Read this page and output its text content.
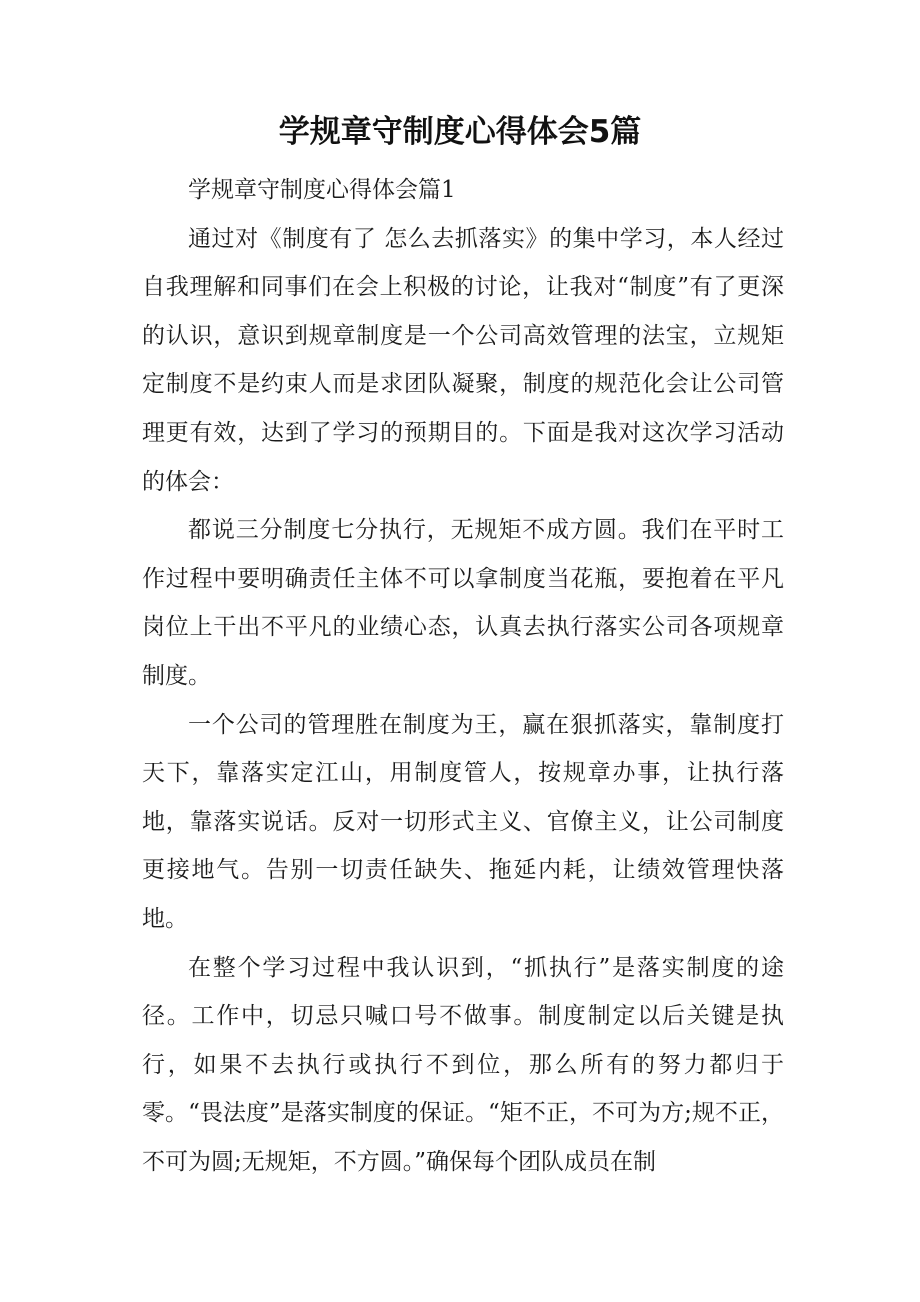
学规章守制度心得体会5篇

学规章守制度心得体会篇1

通过对《制度有了 怎么去抓落实》的集中学习，本人经过自我理解和同事们在会上积极的讨论，让我对“制度”有了更深的认识，意识到规章制度是一个公司高效管理的法宝，立规矩定制度不是约束人而是求团队凝聚，制度的规范化会让公司管理更有效，达到了学习的预期目的。下面是我对这次学习活动的体会：

都说三分制度七分执行，无规矩不成方圆。我们在平时工作过程中要明确责任主体不可以拿制度当花瓶，要抱着在平凡岗位上干出不平凡的业绩心态，认真去执行落实公司各项规章制度。

一个公司的管理胜在制度为王，赢在狠抓落实，靠制度打天下，靠落实定江山，用制度管人，按规章办事，让执行落地，靠落实说话。反对一切形式主义、官僚主义，让公司制度更接地气。告别一切责任缺失、拖延内耗，让绩效管理快落地。

在整个学习过程中我认识到，“抓执行”是落实制度的途径。工作中，切忌只喊口号不做事。制度制定以后关键是执行，如果不去执行或执行不到位，那么所有的努力都归于零。“畏法度”是落实制度的保证。“矩不正，不可为方;规不正，不可为圆;无规矩，不方圆。”确保每个团队成员在制
